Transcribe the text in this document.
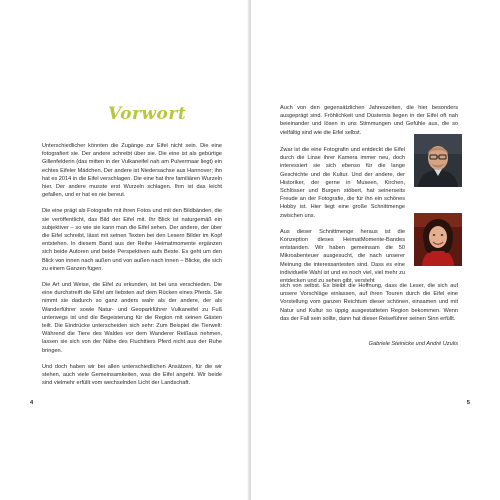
Vorwort

Unterschiedlicher könnten die Zugänge zur Eifel nicht sein. Die eine fotografiert sie. Der andere schreibt über sie. Die eine ist als gebürtige Gillenfelderin (das mitten in der Vulkaneifel nah am Pulvermaar liegt) ein echtes Eifeler Mädchen. Der andere ist Niedersachse aus Hannover; ihn hat es 2014 in die Eifel verschlagen. Die eine hat ihre familiären Wurzeln hier. Der andere musste erst Wurzeln schlagen. Ihm ist das leicht gefallen, und er hat es nie bereut.

Die eine prägt als Fotografin mit ihren Fotos und mit den Bildbänden, die sie veröffentlicht, das Bild der Eifel mit. Ihr Blick ist naturgemäß ein subjektiver – so wie sie kann man die Eifel sehen. Der andere, der über die Eifel schreibt, lässt mit seinen Texten bei den Lesern Bilder im Kopf entstehen. In diesem Band aus der Reihe Heimatmomente ergänzen sich beide Autoren und beide Perspektiven aufs Beste. Es geht um den Blick von innen nach außen und von außen nach innen – Blicke, die sich zu einem Ganzen fügen.

Die Art und Weise, die Eifel zu erkunden, ist bei uns verschieden. Die eine durchstreift die Eifel am liebsten auf dem Rücken eines Pferds. Sie nimmt sie dadurch so ganz anders wahr als der andere, der als Wanderführer sowie Natur- und Geoparkführer Vulkaneifel zu Fuß unterwegs ist und die Begeisterung für die Region mit seinen Gästen teilt. Die Eindrücke unterscheiden sich sehr: Zum Beispiel die Tierwelt: Während die Tiere des Waldes vor dem Wanderer Reißaus nehmen, lassen sie sich von der Nähe des Fluchttiers Pferd nicht aus der Ruhe bringen.

Und doch haben wir bei allen unterschiedlichen Ansätzen, für die wir stehen, auch viele Gemeinsamkeiten, was die Eifel angeht. Wir beide sind vielmehr erfüllt vom wechselnden Licht der Landschaft.

4

Auch von den gegensätzlichen Jahreszeiten, die hier besonders ausgeprägt sind. Fröhlichkeit und Düsternis liegen in der Eifel oft nah beieinander und lösen in uns Stimmungen und Gefühle aus, die so vielfältig sind wie die Eifel selbst.

Zwar ist die eine Fotografin und entdeckt die Eifel durch die Linse ihrer Kamera immer neu, doch interessiert sie sich ebenso für die lange Geschichte und die Kultur. Und der andere, der Historiker, der gerne in Museen, Kirchen, Schlösser und Burgen stöbert, hat seinerseits Freude an der Fotografie, die für ihn ein schönes Hobby ist. Hier liegt eine große Schnittmenge zwischen uns.

Aus dieser Schnittmenge heraus ist die Konzeption dieses HeimatMomente-Bandes entstanden. Wir haben gemeinsam die 50 Mikroabenteuer ausgesucht, die nach unserer Meinung die interessantesten sind. Dass es eine individuelle Wahl ist und es noch viel, viel mehr zu entdecken und zu sehen gibt, versteht

sich von selbst. Es bleibt die Hoffnung, dass die Leser, die sich auf unsere Vorschläge einlassen, auf ihren Touren durch die Eifel eine Vorstellung vom ganzen Reichtum dieser schönen, einsamen und mit Natur und Kultur so üppig ausgestatteten Region bekommen. Wenn das der Fall sein sollte, dann hat dieser Reiseführer seinen Sinn erfüllt.

Gabriele Steinicke und André Uzulis
5
